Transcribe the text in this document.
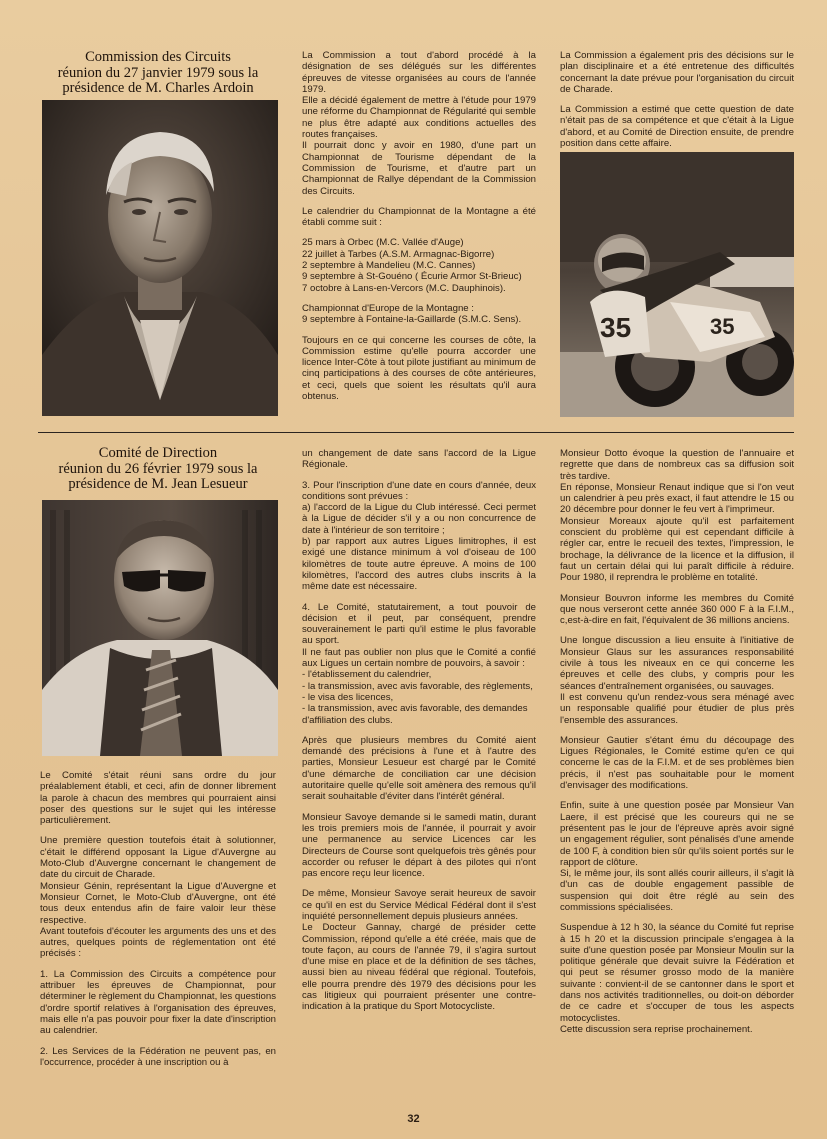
Commission des Circuits
réunion du 27 janvier 1979 sous la
présidence de M. Charles Ardoin

La Commission a tout d'abord procédé à la désignation de ses délégués sur les différentes épreuves de vitesse organisées au cours de l'année 1979.

Elle a décidé également de mettre à l'étude pour 1979 une réforme du Championnat de Régularité qui semble ne plus être adapté aux conditions actuelles des routes françaises.

Il pourrait donc y avoir en 1980, d'une part un Championnat de Tourisme dépendant de la Commission de Tourisme, et d'autre part un Championnat de Rallye dépendant de la Commission des Circuits.

Le calendrier du Championnat de la Montagne a été établi comme suit :

25 mars à Orbec (M.C. Vallée d'Auge)
22 juillet à Tarbes (A.S.M. Armagnac-Bigorre)
2 septembre à Mandelieu (M.C. Cannes)
9 septembre à St-Gouéno ( Écurie Armor St-Brieuc)
7 octobre à Lans-en-Vercors (M.C. Dauphinois).

Championnat d'Europe de la Montagne :

9 septembre à Fontaine-la-Gaillarde (S.M.C. Sens).

Toujours en ce qui concerne les courses de côte, la Commission estime qu'elle pourra accorder une licence Inter-Côte à tout pilote justifiant au minimum de cinq participations à des courses de côte antérieures, et ceci, quels que soient les résultats qu'il aura obtenus.

La Commission a également pris des décisions sur le plan disciplinaire et a été entretenue des difficultés concernant la date prévue pour l'organisation du circuit de Charade.

La Commission a estimé que cette question de date n'était pas de sa compétence et que c'était à la Ligue d'abord, et au Comité de Direction ensuite, de prendre position dans cette affaire.

35	35
Comité de Direction
réunion du 26 février 1979 sous la
présidence de M. Jean Lesueur

Le Comité s'était réuni sans ordre du jour préalablement établi, et ceci, afin de donner librement la parole à chacun des membres qui pourraient ainsi poser des questions sur le sujet qui les intéresse particulièrement.

Une première question toutefois était à solutionner, c'était le différend opposant la Ligue d'Auvergne au Moto-Club d'Auvergne concernant le changement de date du circuit de Charade.

Monsieur Génin, représentant la Ligue d'Auvergne et Monsieur Cornet, le Moto-Club d'Auvergne, ont été tous deux entendus afin de faire valoir leur thèse respective.

Avant toutefois d'écouter les arguments des uns et des autres, quelques points de réglementation ont été précisés :

1. La Commission des Circuits a compétence pour attribuer les épreuves de Championnat, pour déterminer le règlement du Championnat, les questions d'ordre sportif relatives à l'organisation des épreuves, mais elle n'a pas pouvoir pour fixer la date d'inscription au calendrier.

2. Les Services de la Fédération ne peuvent pas, en l'occurrence, procéder à une inscription ou à

un changement de date sans l'accord de la Ligue Régionale.

3. Pour l'inscription d'une date en cours d'année, deux conditions sont prévues :

a) l'accord de la Ligue du Club intéressé. Ceci permet à la Ligue de décider s'il y a ou non concurrence de date à l'intérieur de son territoire ;

b) par rapport aux autres Ligues limitrophes, il est exigé une distance minimum à vol d'oiseau de 100 kilomètres de toute autre épreuve. A moins de 100 kilomètres, l'accord des autres clubs inscrits à la même date est nécessaire.

4. Le Comité, statutairement, a tout pouvoir de décision et il peut, par conséquent, prendre souverainement le parti qu'il estime le plus favorable au sport.

Il ne faut pas oublier non plus que le Comité a confié aux Ligues un certain nombre de pouvoirs, à savoir :

- l'établissement du calendrier,
- la transmission, avec avis favorable, des règlements,
- le visa des licences,
- la transmission, avec avis favorable, des demandes d'affiliation des clubs.

Après que plusieurs membres du Comité aient demandé des précisions à l'une et à l'autre des parties, Monsieur Lesueur est chargé par le Comité d'une démarche de conciliation car une décision autoritaire quelle qu'elle soit amènera des remous qu'il serait souhaitable d'éviter dans l'intérêt général.

Monsieur Savoye demande si le samedi matin, durant les trois premiers mois de l'année, il pourrait y avoir une permanence au service Licences car les Directeurs de Course sont quelquefois très gênés pour accorder ou refuser le départ à des pilotes qui n'ont pas encore reçu leur licence.

De même, Monsieur Savoye serait heureux de savoir ce qu'il en est du Service Médical Fédéral dont il s'est inquiété personnellement depuis plusieurs années.

Le Docteur Gannay, chargé de présider cette Commission, répond qu'elle a été créée, mais que de toute façon, au cours de l'année 79, il s'agira surtout d'une mise en place et de la définition de ses tâches, aussi bien au niveau fédéral que régional. Toutefois, elle pourra prendre dès 1979 des décisions pour les cas litigieux qui pourraient présenter une contre-indication à la pratique du Sport Motocycliste.

Monsieur Dotto évoque la question de l'annuaire et regrette que dans de nombreux cas sa diffusion soit très tardive.

En réponse, Monsieur Renaut indique que si l'on veut un calendrier à peu près exact, il faut attendre le 15 ou 20 décembre pour donner le feu vert à l'imprimeur.

Monsieur Moreaux ajoute qu'il est parfaitement conscient du problème qui est cependant difficile à régler car, entre le recueil des textes, l'impression, le brochage, la délivrance de la licence et la diffusion, il faut un certain délai qui lui paraît difficile à réduire. Pour 1980, il reprendra le problème en totalité.

Monsieur Bouvron informe les membres du Comité que nous verseront cette année 360 000 F à la F.I.M., c,est-à-dire en fait, l'équivalent de 36 millions anciens.

Une longue discussion a lieu ensuite à l'initiative de Monsieur Glaus sur les assurances responsabilité civile à tous les niveaux en ce qui concerne les épreuves et celle des clubs, y compris pour les séances d'entraînement organisées, ou sauvages.

Il est convenu qu'un rendez-vous sera ménagé avec un responsable qualifié pour étudier de plus près l'ensemble des assurances.

Monsieur Gautier s'étant ému du découpage des Ligues Régionales, le Comité estime qu'en ce qui concerne le cas de la F.I.M. et de ses problèmes bien précis, il n'est pas souhaitable pour le moment d'envisager des modifications.

Enfin, suite à une question posée par Monsieur Van Laere, il est précisé que les coureurs qui ne se présentent pas le jour de l'épreuve après avoir signé un engagement régulier, sont pénalisés d'une amende de 100 F, à condition bien sûr qu'ils soient portés sur le rapport de clôture.

Si, le même jour, ils sont allés courir ailleurs, il s'agit là d'un cas de double engagement passible de suspension qui doit être réglé au sein des commissions spécialisées.

Suspendue à 12 h 30, la séance du Comité fut reprise à 15 h 20 et la discussion principale s'engagea à la suite d'une question posée par Monsieur Moulin sur la politique générale que devait suivre la Fédération et qui peut se résumer grosso modo de la manière suivante : convient-il de se cantonner dans le sport et dans nos activités traditionnelles, ou doit-on déborder de ce cadre et s'occuper de tous les aspects motocyclistes.

Cette discussion sera reprise prochainement.

32
